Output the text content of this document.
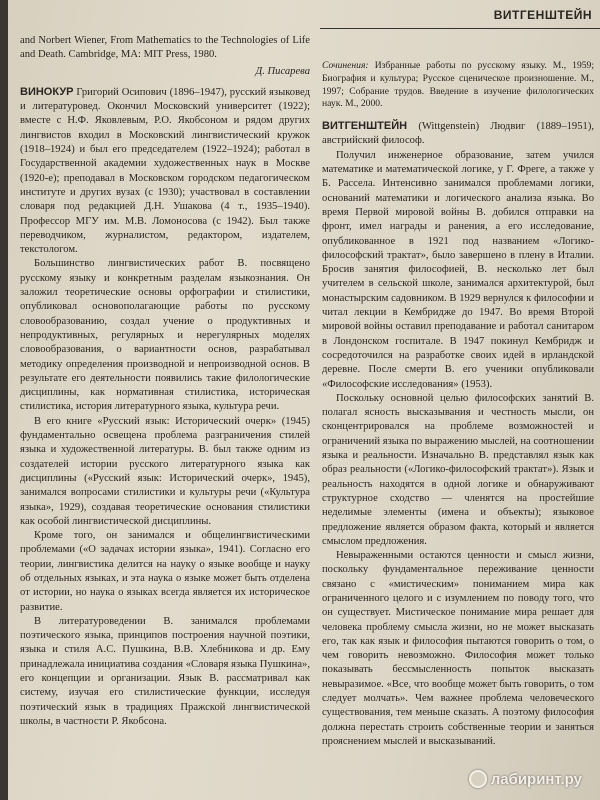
ВИТГЕНШТЕЙН

and Norbert Wiener, From Mathematics to the Technologies of Life and Death. Cambridge, MA: MIT Press, 1980.

Д. Писарева

ВИНОКУР Григорий Осипович (1896–1947), русский языковед и литературовед. Окончил Московский университет (1922); вместе с Н.Ф. Яковлевым, Р.О. Якобсоном и рядом других лингвистов входил в Московский лингвистический кружок (1918–1924) и был его председателем (1922–1924); работал в Государственной академии художественных наук в Москве (1920-е); преподавал в Московском городском педагогическом институте и других вузах (с 1930); участвовал в составлении словаря под редакцией Д.Н. Ушакова (4 т., 1935–1940). Профессор МГУ им. М.В. Ломоносова (с 1942). Был также переводчиком, журналистом, редактором, издателем, текстологом.

Большинство лингвистических работ В. посвящено русскому языку и конкретным разделам языкознания. Он заложил теоретические основы орфографии и стилистики, опубликовал основополагающие работы по русскому словообразованию, создал учение о продуктивных и непродуктивных, регулярных и нерегулярных моделях словообразования, о вариантности основ, разрабатывал методику определения производной и непроизводной основ. В результате его деятельности появились такие филологические дисциплины, как нормативная стилистика, историческая стилистика, история литературного языка, культура речи.

В его книге «Русский язык: Исторический очерк» (1945) фундаментально освещена проблема разграничения стилей языка и художественной литературы. В. был также одним из создателей истории русского литературного языка как дисциплины («Русский язык: Исторический очерк», 1945), занимался вопросами стилистики и культуры речи («Культура языка», 1929), создавая теоретические основания стилистики как особой лингвистической дисциплины.

Кроме того, он занимался и общелингвистическими проблемами («О задачах истории языка», 1941). Согласно его теории, лингвистика делится на науку о языке вообще и науку об отдельных языках, и эта наука о языке может быть отделена от истории, но наука о языках всегда является их историческое развитие.

В литературоведении В. занимался проблемами поэтического языка, принципов построения научной поэтики, языка и стиля А.С. Пушкина, В.В. Хлебникова и др. Ему принадлежала инициатива создания «Словаря языка Пушкина», его концепции и организации. Язык В. рассматривал как систему, изучая его стилистические функции, исследуя поэтический язык в традициях Пражской лингвистической школы, в частности Р. Якобсона.

Сочинения: Избранные работы по русскому языку. М., 1959; Биография и культура; Русское сценическое произношение. М., 1997; Собрание трудов. Введение в изучение филологических наук. М., 2000.

ВИТГЕНШТЕЙН (Wittgenstein) Людвиг (1889–1951), австрийский философ.

Получил инженерное образование, затем учился математике и математической логике, у Г. Фреге, а также у Б. Рассела. Интенсивно занимался проблемами логики, оснований математики и логического анализа языка. Во время Первой мировой войны В. добился отправки на фронт, имел награды и ранения, а его исследование, опубликованное в 1921 под названием «Логико-философский трактат», было завершено в плену в Италии. Бросив занятия философией, В. несколько лет был учителем в сельской школе, занимался архитектурой, был монастырским садовником. В 1929 вернулся к философии и читал лекции в Кембридже до 1947. Во время Второй мировой войны оставил преподавание и работал санитаром в Лондонском госпитале. В 1947 покинул Кембридж и сосредоточился на разработке своих идей в ирландской деревне. После смерти В. его ученики опубликовали «Философские исследования» (1953).

Поскольку основной целью философских занятий В. полагал ясность высказывания и честность мысли, он сконцентрировался на проблеме возможностей и ограничений языка по выражению мыслей, на соотношении языка и реальности. Изначально В. представлял язык как образ реальности («Логико-философский трактат»). Язык и реальность находятся в одной логике и обнаруживают структурное сходство — членятся на простейшие неделимые элементы (имена и объекты); языковое предложение является образом факта, который и является смыслом предложения.

Невыраженными остаются ценности и смысл жизни, поскольку фундаментальное переживание ценности связано с «мистическим» пониманием мира как ограниченного целого и с изумлением по поводу того, что он существует. Мистическое понимание мира решает для человека проблему смысла жизни, но не может высказать его, так как язык и философия пытаются говорить о том, о чем говорить невозможно. Философия может только показывать бессмысленность попыток высказать невыразимое. «Все, что вообще может быть говорить, о том следует молчать». Чем важнее проблема человеческого существования, тем меньше сказать. А поэтому философия должна перестать строить собственные теории и заняться прояснением мыслей и высказываний.

лабиринт.ру
